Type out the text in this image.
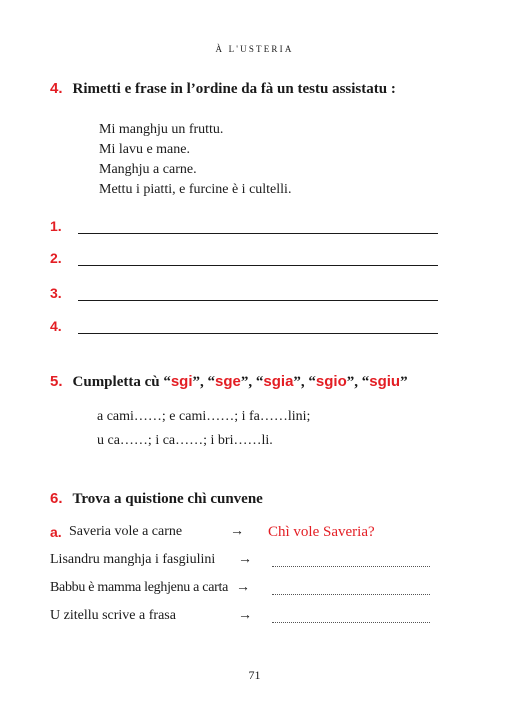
À L'USTERIA
4. Rimetti e frase in l’ordine da fà un testu assistatu :
Mi manghju un fruttu.
Mi lavu e mane.
Manghju a carne.
Mettu i piatti, e furcine è i cultelli.
1.
2.
3.
4.
5. Cumpletta cù “sgi”, “sge”, “sgia”, “sgio”, “sgiu”
a cami……; e cami……; i fa……lini;
u ca……; i ca……; i bri……li.
6. Trova a quistione chì cunvene
a. Saveria vole a carne	→ Chì vole Saveria?
Lisandru manghja i fasgiulini →
Babbu è mamma leghjenu a carta →
U zitellu scrive a frasa	→
71
